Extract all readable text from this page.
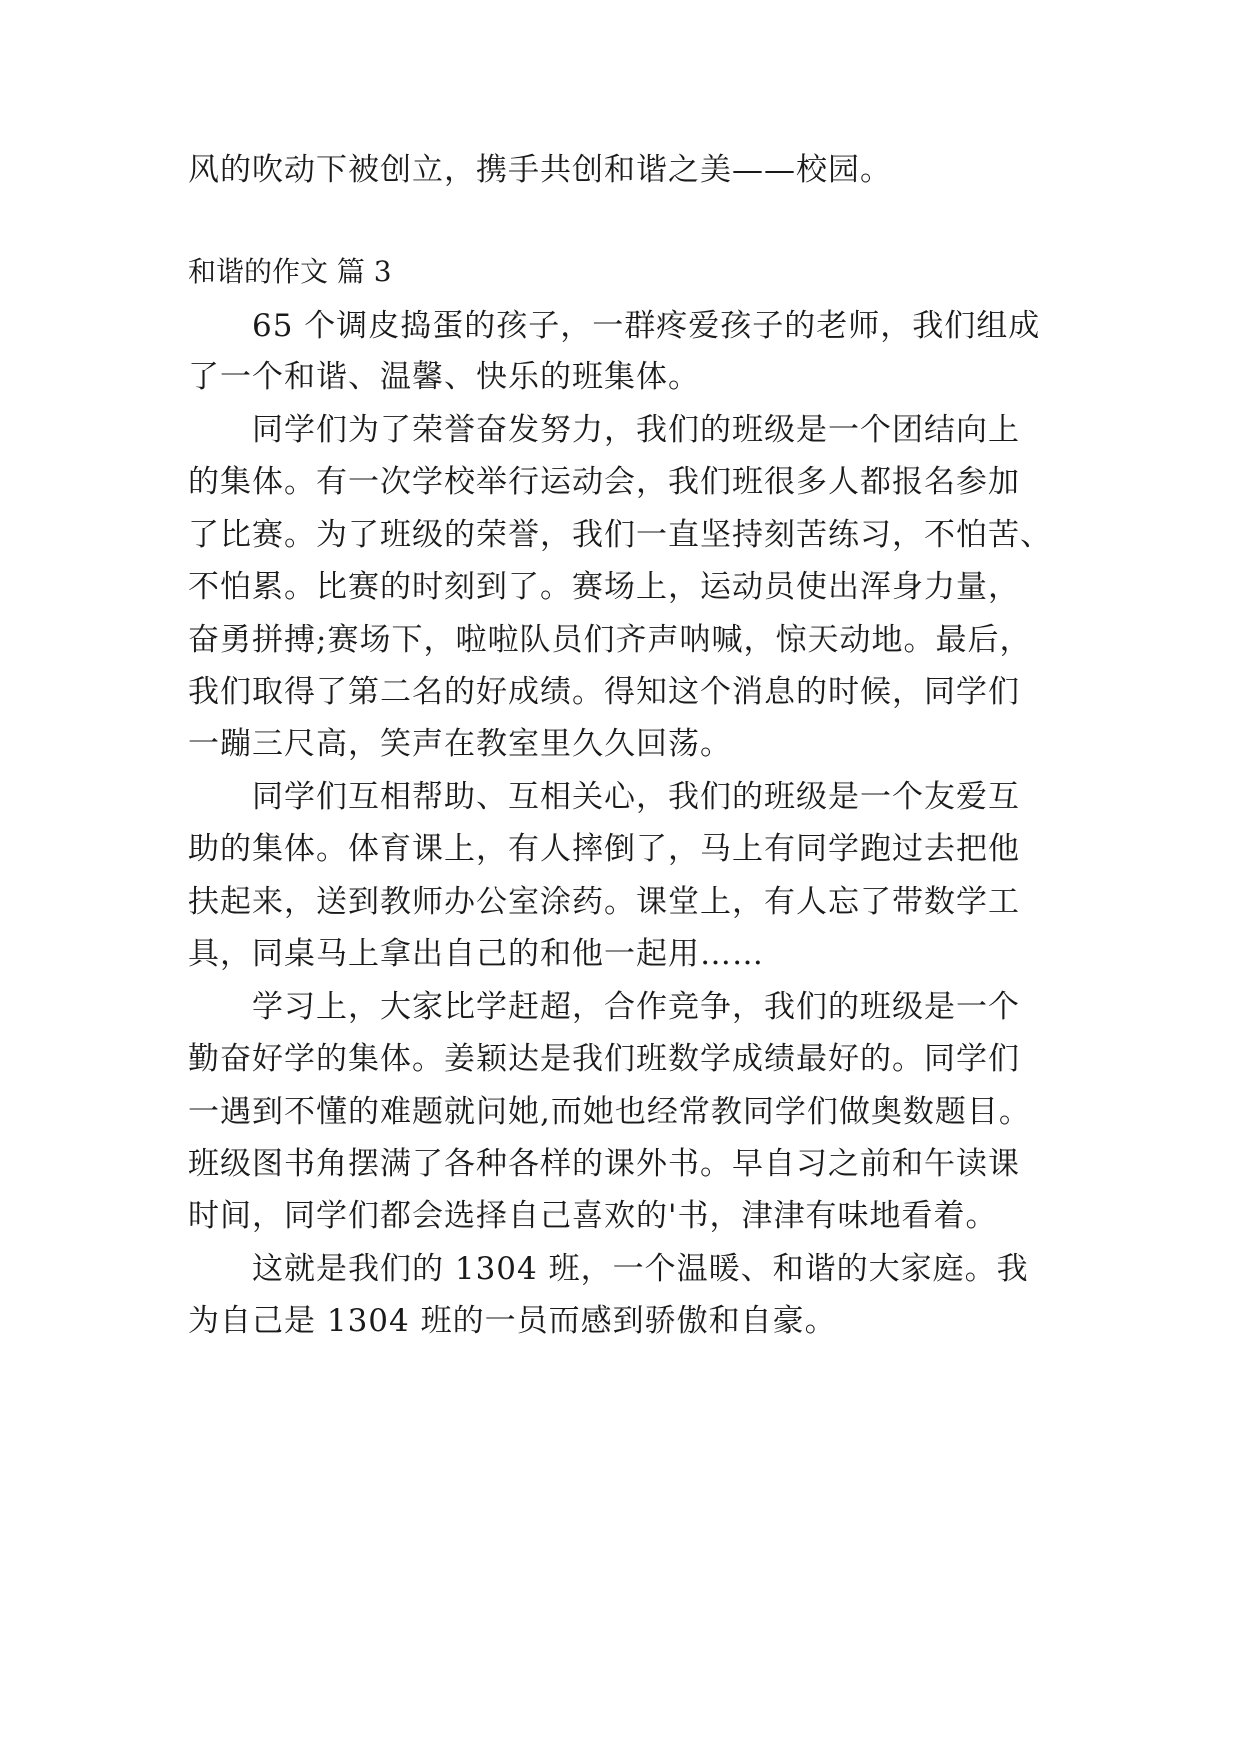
风的吹动下被创立，携手共创和谐之美——校园。
和谐的作文 篇 3
65 个调皮捣蛋的孩子，一群疼爱孩子的老师，我们组成
了一个和谐、温馨、快乐的班集体。
同学们为了荣誉奋发努力，我们的班级是一个团结向上
的集体。有一次学校举行运动会，我们班很多人都报名参加
了比赛。为了班级的荣誉，我们一直坚持刻苦练习，不怕苦、
不怕累。比赛的时刻到了。赛场上，运动员使出浑身力量，
奋勇拼搏;赛场下，啦啦队员们齐声呐喊，惊天动地。最后，
我们取得了第二名的好成绩。得知这个消息的时候，同学们
一蹦三尺高，笑声在教室里久久回荡。
同学们互相帮助、互相关心，我们的班级是一个友爱互
助的集体。体育课上，有人摔倒了，马上有同学跑过去把他
扶起来，送到教师办公室涂药。课堂上，有人忘了带数学工
具，同桌马上拿出自己的和他一起用……
学习上，大家比学赶超，合作竞争，我们的班级是一个
勤奋好学的集体。姜颖达是我们班数学成绩最好的。同学们
一遇到不懂的难题就问她,而她也经常教同学们做奥数题目。
班级图书角摆满了各种各样的课外书。早自习之前和午读课
时间，同学们都会选择自己喜欢的'书，津津有味地看着。
这就是我们的 1304 班，一个温暖、和谐的大家庭。我
为自己是 1304 班的一员而感到骄傲和自豪。
